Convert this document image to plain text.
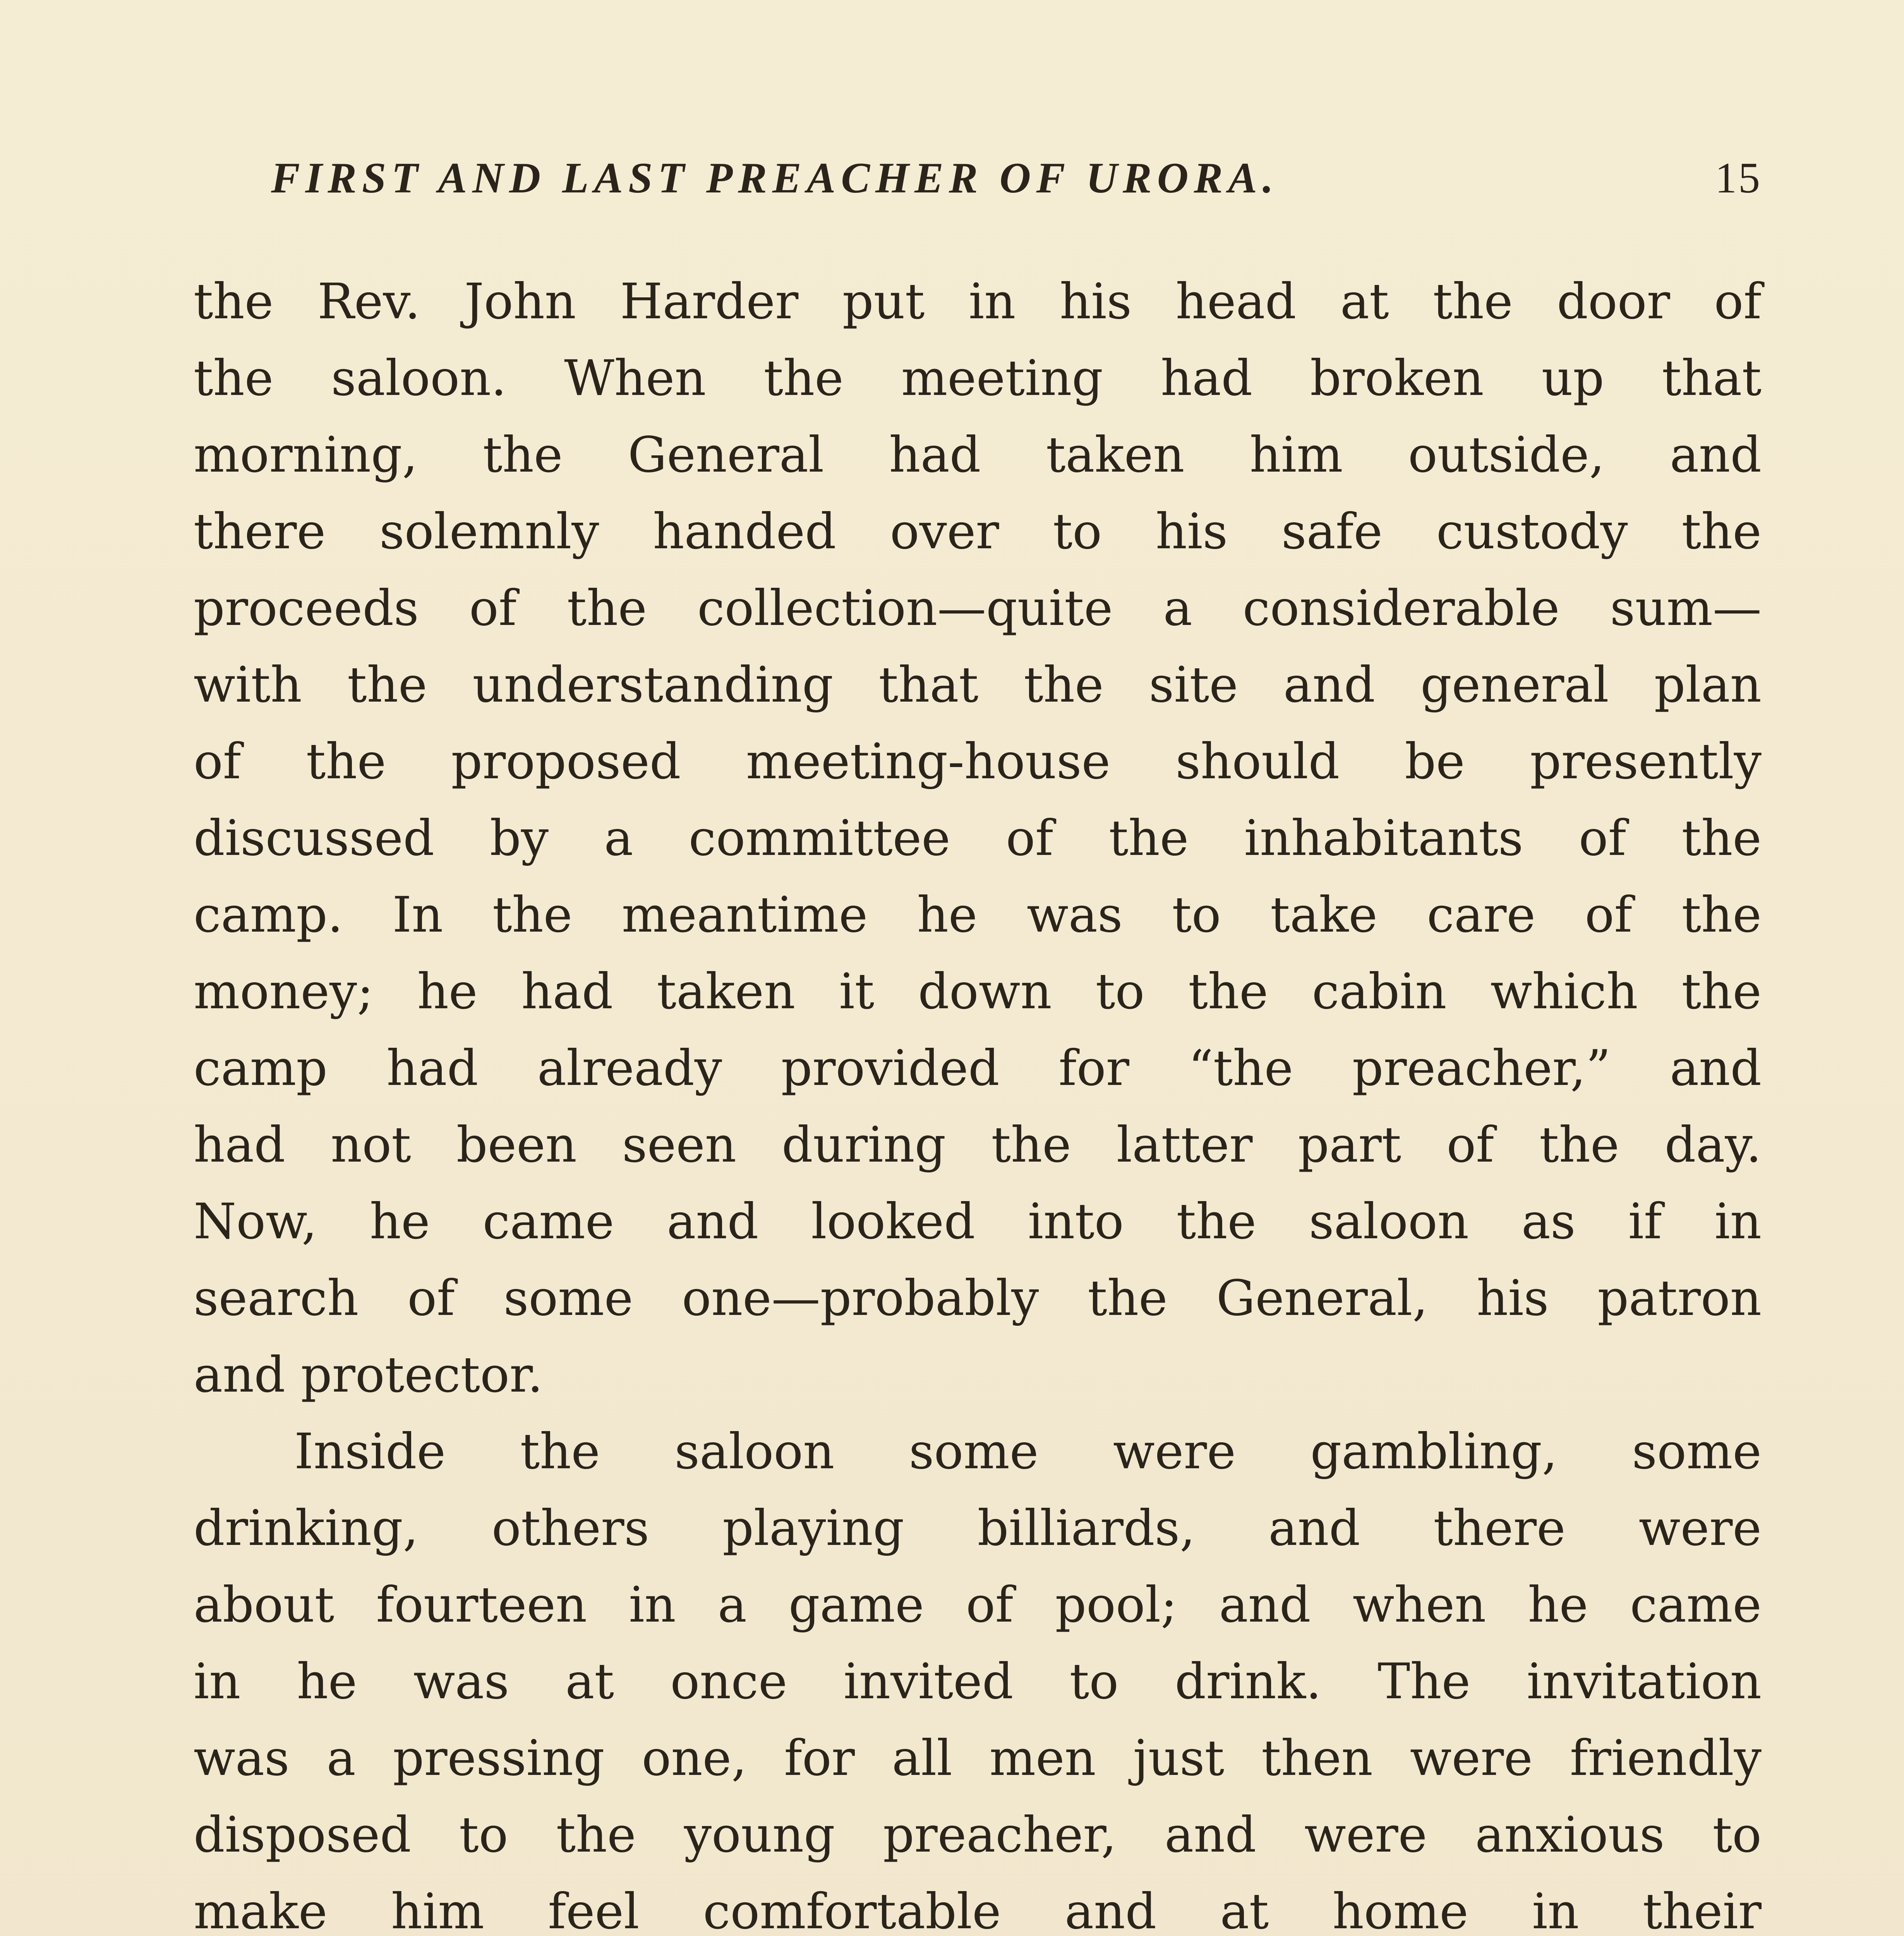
FIRST AND LAST PREACHER OF URORA.	15
the Rev. John Harder put in his head at the door of
the saloon. When the meeting had broken up that
morning, the General had taken him outside, and
there solemnly handed over to his safe custody the
proceeds of the collection—quite a considerable sum—
with the understanding that the site and general plan
of the proposed meeting-house should be presently
discussed by a committee of the inhabitants of the
camp. In the meantime he was to take care of the
money; he had taken it down to the cabin which the
camp had already provided for “the preacher,” and
had not been seen during the latter part of the day.
Now, he came and looked into the saloon as if in
search of some one—probably the General, his patron
and protector.
Inside the saloon some were gambling, some
drinking, others playing billiards, and there were
about fourteen in a game of pool; and when he came
in he was at once invited to drink. The invitation
was a pressing one, for all men just then were friendly
disposed to the young preacher, and were anxious to
make him feel comfortable and at home in their
